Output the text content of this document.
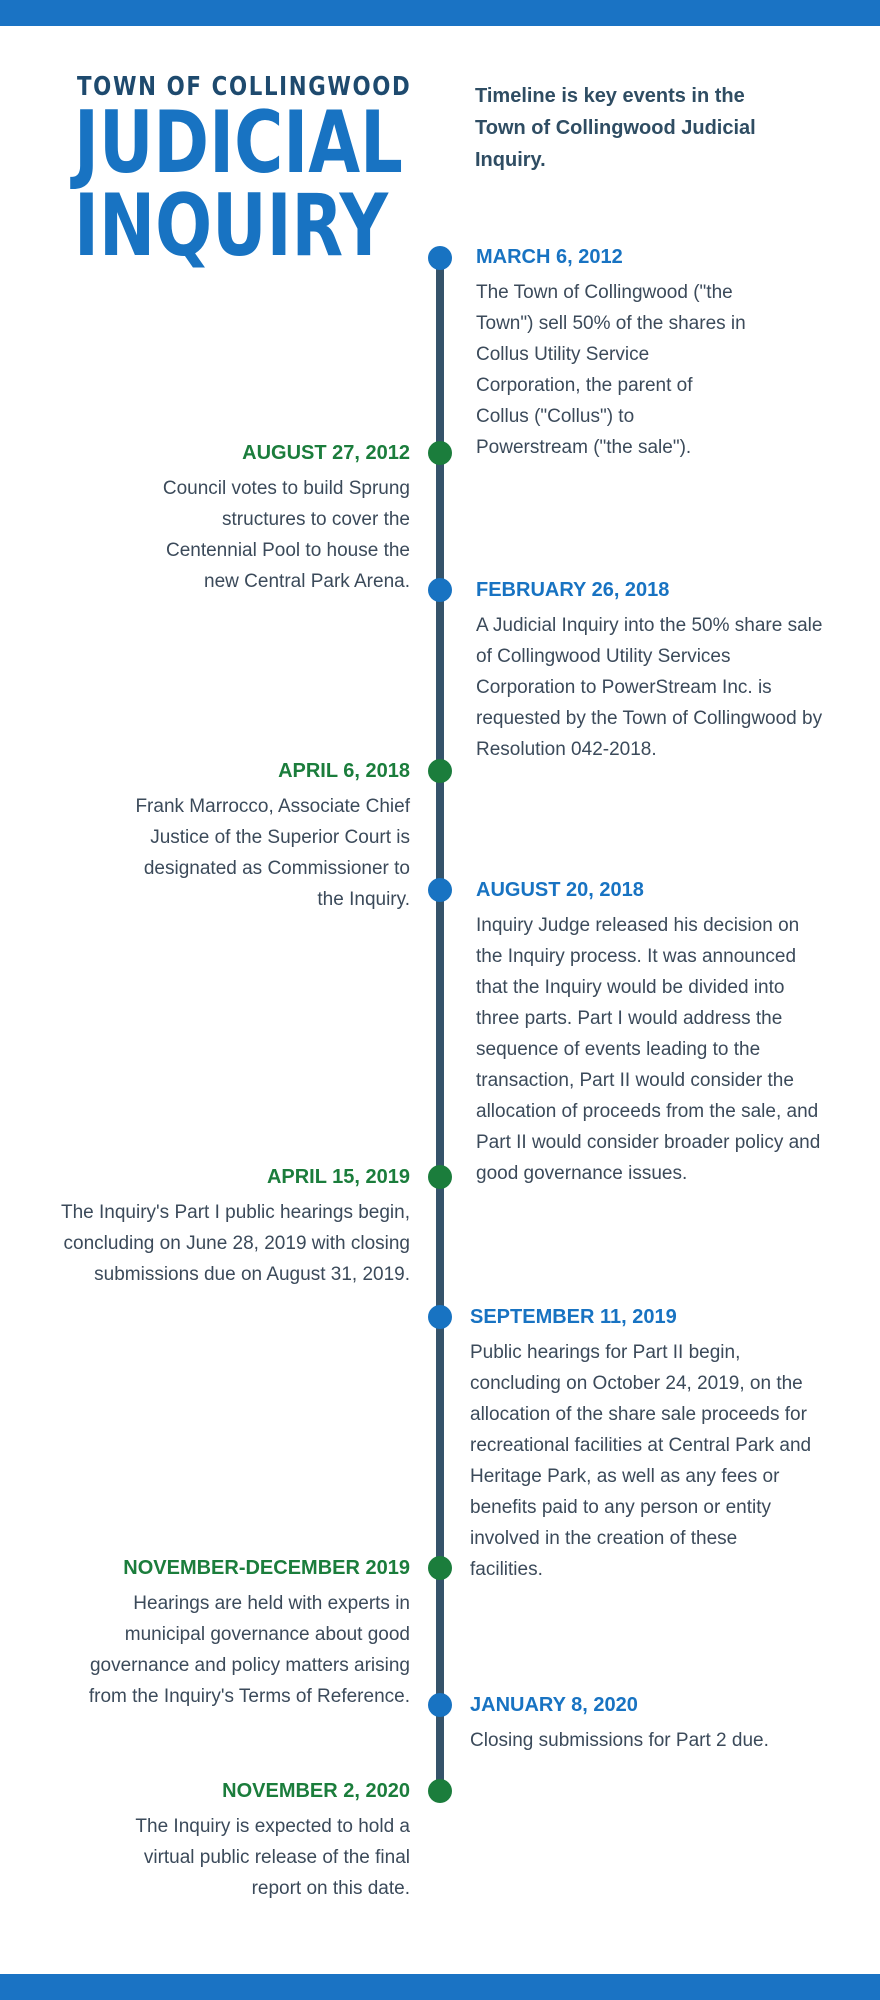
TOWN OF COLLINGWOOD
JUDICIAL
INQUIRY
Timeline is key events in the Town of Collingwood Judicial Inquiry.
MARCH 6, 2012
The Town of Collingwood ("the Town") sell 50% of the shares in Collus Utility Service Corporation, the parent of Collus ("Collus") to Powerstream ("the sale").
AUGUST 27, 2012
Council votes to build Sprung structures to cover the Centennial Pool to house the new Central Park Arena.	FEBRUARY 26, 2018
A Judicial Inquiry into the 50% share sale of Collingwood Utility Services Corporation to PowerStream Inc. is requested by the Town of Collingwood by Resolution 042-2018.
APRIL 6, 2018
Frank Marrocco, Associate Chief Justice of the Superior Court is designated as Commissioner to the Inquiry.	AUGUST 20, 2018
Inquiry Judge released his decision on the Inquiry process. It was announced that the Inquiry would be divided into three parts. Part I would address the sequence of events leading to the transaction, Part II would consider the allocation of proceeds from the sale, and Part II would consider broader policy and good governance issues.
APRIL 15, 2019
The Inquiry's Part I public hearings begin, concluding on June 28, 2019 with closing submissions due on August 31, 2019.
SEPTEMBER 11, 2019
Public hearings for Part II begin, concluding on October 24, 2019, on the allocation of the share sale proceeds for recreational facilities at Central Park and Heritage Park, as well as any fees or benefits paid to any person or entity involved in the creation of these facilities.
NOVEMBER-DECEMBER 2019
Hearings are held with experts in municipal governance about good governance and policy matters arising from the Inquiry's Terms of Reference.	JANUARY 8, 2020
Closing submissions for Part 2 due.
NOVEMBER 2, 2020
The Inquiry is expected to hold a virtual public release of the final report on this date.
